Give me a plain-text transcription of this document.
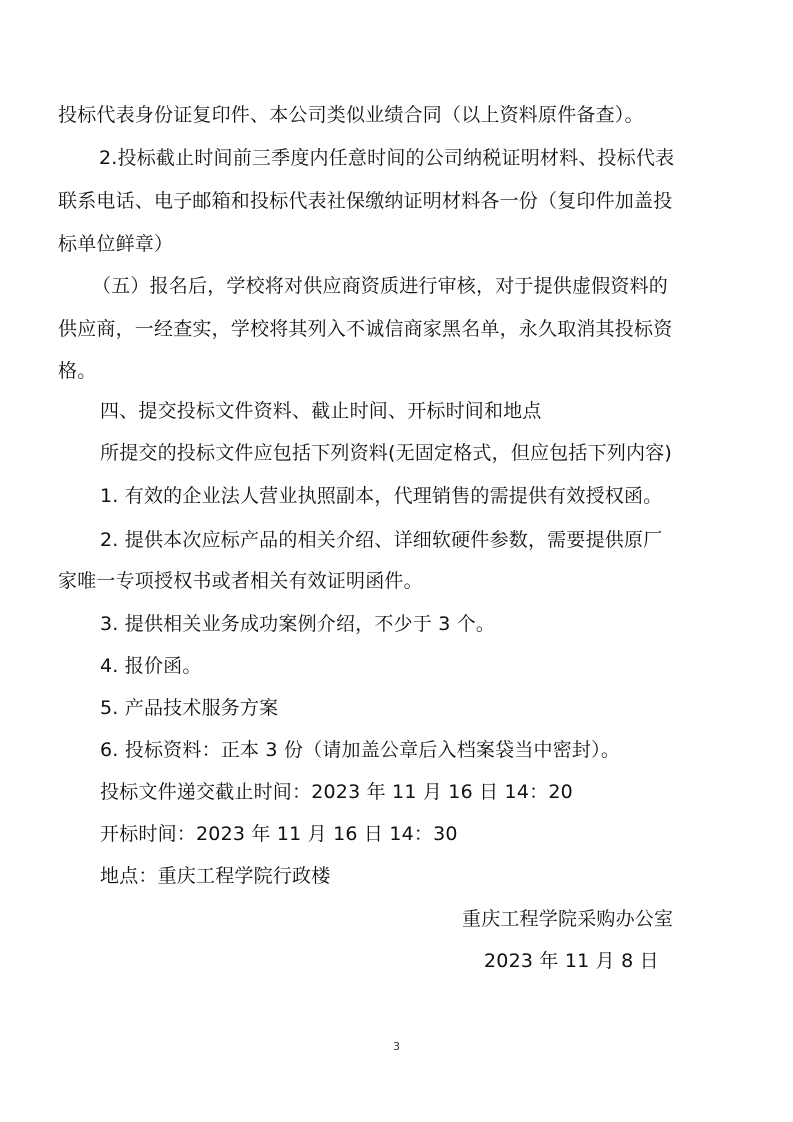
投标代表身份证复印件、本公司类似业绩合同（以上资料原件备查）。
2.投标截止时间前三季度内任意时间的公司纳税证明材料、投标代表
联系电话、电子邮箱和投标代表社保缴纳证明材料各一份（复印件加盖投
标单位鲜章）
（五）报名后，学校将对供应商资质进行审核，对于提供虚假资料的
供应商，一经查实，学校将其列入不诚信商家黑名单，永久取消其投标资
格。
四、提交投标文件资料、截止时间、开标时间和地点
所提交的投标文件应包括下列资料(无固定格式，但应包括下列内容)
1. 有效的企业法人营业执照副本，代理销售的需提供有效授权函。
2. 提供本次应标产品的相关介绍、详细软硬件参数，需要提供原厂
家唯一专项授权书或者相关有效证明函件。
3. 提供相关业务成功案例介绍，不少于 3 个。
4. 报价函。
5. 产品技术服务方案
6. 投标资料：正本 3 份（请加盖公章后入档案袋当中密封）。
投标文件递交截止时间：2023 年 11 月 16 日 14：20
开标时间：2023 年 11 月 16 日 14：30
地点：重庆工程学院行政楼
重庆工程学院采购办公室
2023 年 11 月 8 日
3
